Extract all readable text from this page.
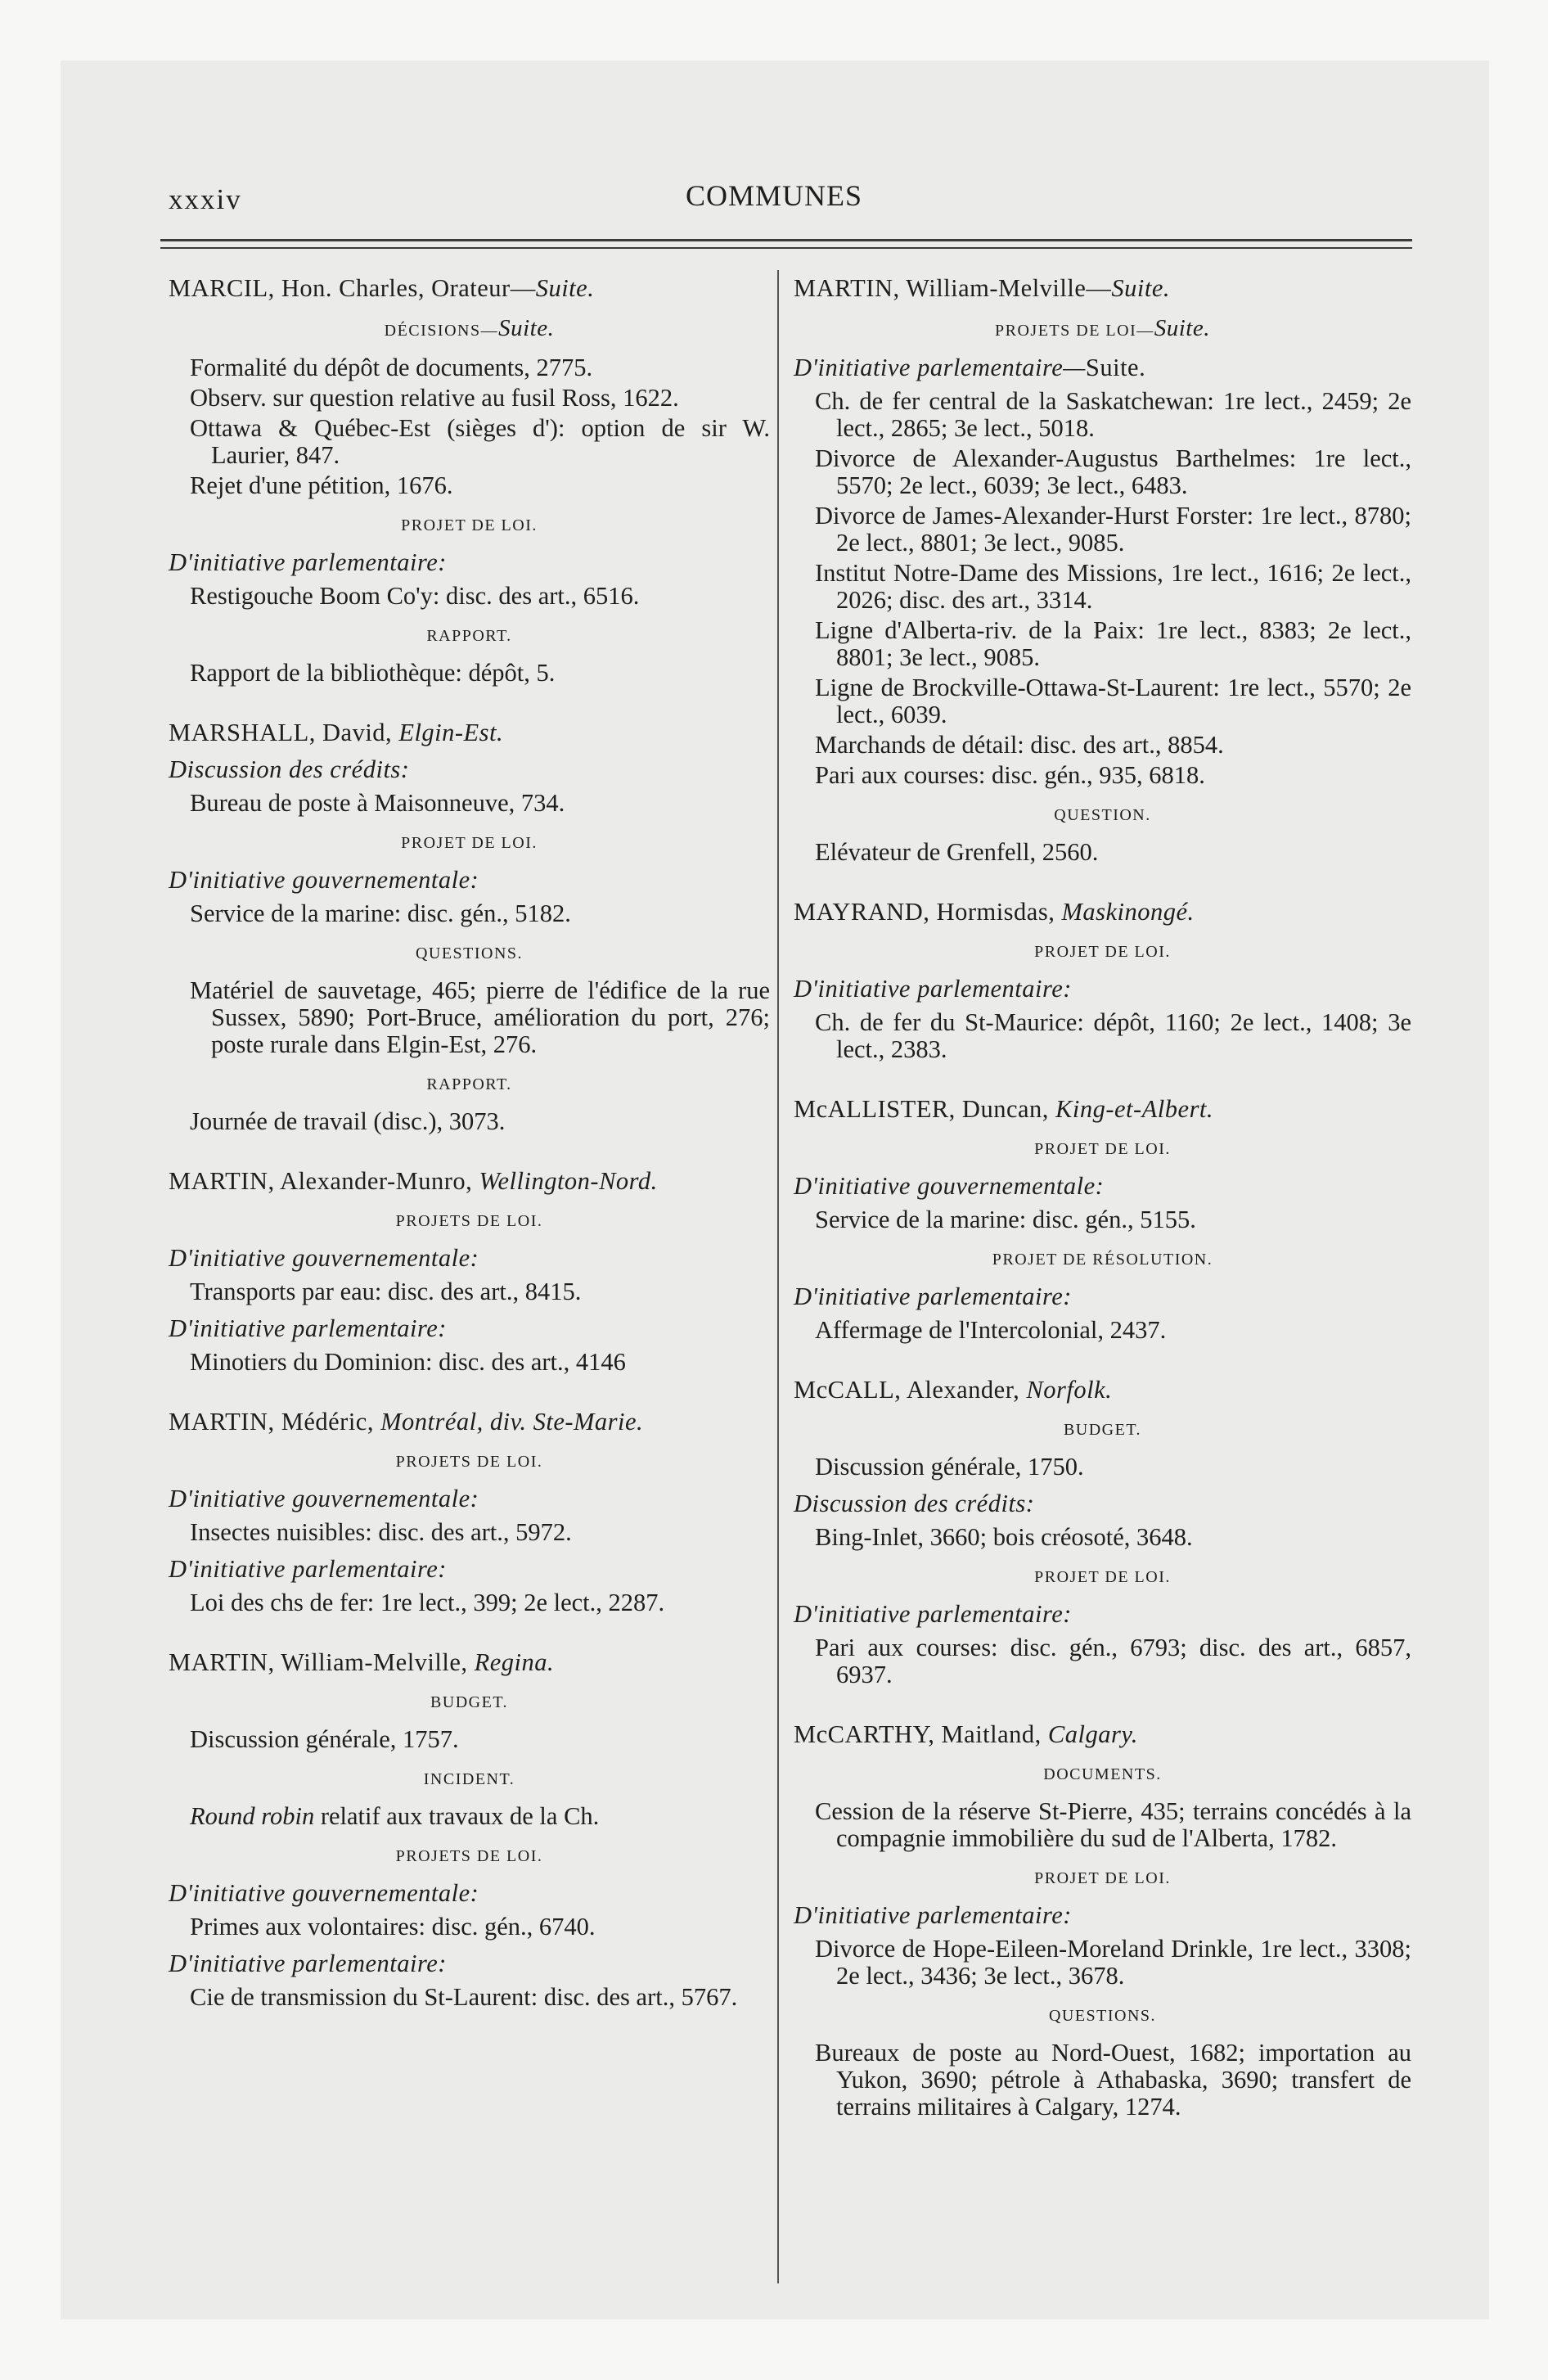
xxxiv	COMMUNES
MARCIL, Hon. Charles, Orateur—Suite.
DÉCISIONS—Suite.
Formalité du dépôt de documents, 2775.
Observ. sur question relative au fusil Ross, 1622.
Ottawa & Québec-Est (sièges d'): option de sir W. Laurier, 847.
Rejet d'une pétition, 1676.
PROJET DE LOI.
D'initiative parlementaire:
Restigouche Boom Co'y: disc. des art., 6516.
RAPPORT.
Rapport de la bibliothèque: dépôt, 5.
MARSHALL, David, Elgin-Est.
Discussion des crédits:
Bureau de poste à Maisonneuve, 734.
PROJET DE LOI.
D'initiative gouvernementale:
Service de la marine: disc. gén., 5182.
QUESTIONS.
Matériel de sauvetage, 465; pierre de l'édifice de la rue Sussex, 5890; Port-Bruce, amélioration du port, 276; poste rurale dans Elgin-Est, 276.
RAPPORT.
Journée de travail (disc.), 3073.
MARTIN, Alexander-Munro, Wellington-Nord.
PROJETS DE LOI.
D'initiative gouvernementale:
Transports par eau: disc. des art., 8415.
D'initiative parlementaire:
Minotiers du Dominion: disc. des art., 4146
MARTIN, Médéric, Montréal, div. Ste-Marie.
PROJETS DE LOI.
D'initiative gouvernementale:
Insectes nuisibles: disc. des art., 5972.
D'initiative parlementaire:
Loi des chs de fer: 1re lect., 399; 2e lect., 2287.
MARTIN, William-Melville, Regina.
BUDGET.
Discussion générale, 1757.
INCIDENT.
Round robin relatif aux travaux de la Ch.
PROJETS DE LOI.
D'initiative gouvernementale:
Primes aux volontaires: disc. gén., 6740.
D'initiative parlementaire:
Cie de transmission du St-Laurent: disc. des art., 5767.
MARTIN, William-Melville—Suite.
PROJETS DE LOI—Suite.
D'initiative parlementaire—Suite.
Ch. de fer central de la Saskatchewan: 1re lect., 2459; 2e lect., 2865; 3e lect., 5018.
Divorce de Alexander-Augustus Barthelmes: 1re lect., 5570; 2e lect., 6039; 3e lect., 6483.
Divorce de James-Alexander-Hurst Forster: 1re lect., 8780; 2e lect., 8801; 3e lect., 9085.
Institut Notre-Dame des Missions, 1re lect., 1616; 2e lect., 2026; disc. des art., 3314.
Ligne d'Alberta-riv. de la Paix: 1re lect., 8383; 2e lect., 8801; 3e lect., 9085.
Ligne de Brockville-Ottawa-St-Laurent: 1re lect., 5570; 2e lect., 6039.
Marchands de détail: disc. des art., 8854.
Pari aux courses: disc. gén., 935, 6818.
QUESTION.
Elévateur de Grenfell, 2560.
MAYRAND, Hormisdas, Maskinongé.
PROJET DE LOI.
D'initiative parlementaire:
Ch. de fer du St-Maurice: dépôt, 1160; 2e lect., 1408; 3e lect., 2383.
McALLISTER, Duncan, King-et-Albert.
PROJET DE LOI.
D'initiative gouvernementale:
Service de la marine: disc. gén., 5155.
PROJET DE RÉSOLUTION.
D'initiative parlementaire:
Affermage de l'Intercolonial, 2437.
McCALL, Alexander, Norfolk.
BUDGET.
Discussion générale, 1750.
Discussion des crédits:
Bing-Inlet, 3660; bois créosoté, 3648.
PROJET DE LOI.
D'initiative parlementaire:
Pari aux courses: disc. gén., 6793; disc. des art., 6857, 6937.
McCARTHY, Maitland, Calgary.
DOCUMENTS.
Cession de la réserve St-Pierre, 435; terrains concédés à la compagnie immobilière du sud de l'Alberta, 1782.
PROJET DE LOI.
D'initiative parlementaire:
Divorce de Hope-Eileen-Moreland Drinkle, 1re lect., 3308; 2e lect., 3436; 3e lect., 3678.
QUESTIONS.
Bureaux de poste au Nord-Ouest, 1682; importation au Yukon, 3690; pétrole à Athabaska, 3690; transfert de terrains militaires à Calgary, 1274.
